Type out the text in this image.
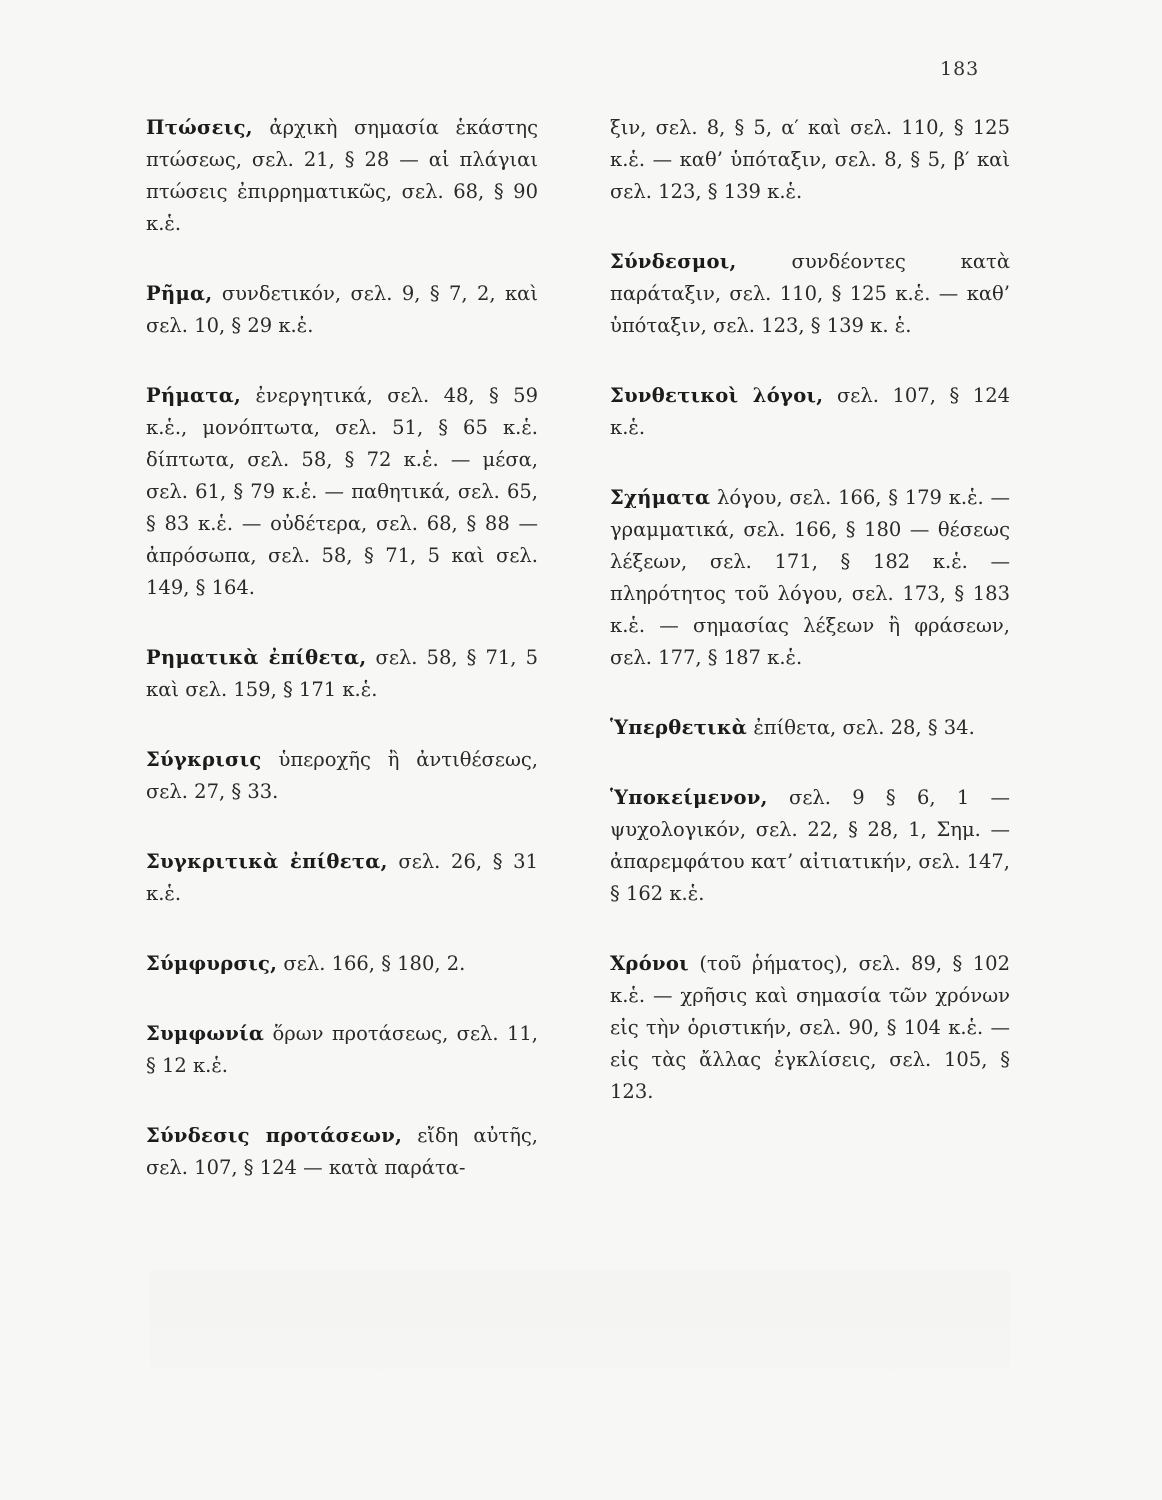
183

Πτώσεις, ἀρχικὴ σημασία ἑκάστης πτώσεως, σελ. 21, § 28 — αἱ πλάγιαι πτώσεις ἐπιρρηματικῶς, σελ. 68, § 90 κ.ἑ.

Ρῆμα, συνδετικόν, σελ. 9, § 7, 2, καὶ σελ. 10, § 29 κ.ἑ.

Ρήματα, ἐνεργητικά, σελ. 48, § 59 κ.ἑ., μονόπτωτα, σελ. 51, § 65 κ.ἑ. δίπτωτα, σελ. 58, § 72 κ.ἑ. — μέσα, σελ. 61, § 79 κ.ἑ. — παθητικά, σελ. 65, § 83 κ.ἑ. — οὐδέτερα, σελ. 68, § 88 — ἀπρόσωπα, σελ. 58, § 71, 5 καὶ σελ. 149, § 164.

Ρηματικὰ ἐπίθετα, σελ. 58, § 71, 5 καὶ σελ. 159, § 171 κ.ἑ.

Σύγκρισις ὑπεροχῆς ἢ ἀντιθέσεως, σελ. 27, § 33.

Συγκριτικὰ ἐπίθετα, σελ. 26, § 31 κ.ἑ.

Σύμφυρσις, σελ. 166, § 180, 2.

Συμφωνία ὅρων προτάσεως, σελ. 11, § 12 κ.ἑ.

Σύνδεσις προτάσεων, εἴδη αὐτῆς, σελ. 107, § 124 — κατὰ παράτα-

ξιν, σελ. 8, § 5, α′ καὶ σελ. 110, § 125 κ.ἑ. — καθ’ ὑπόταξιν, σελ. 8, § 5, β′ καὶ σελ. 123, § 139 κ.ἑ.

Σύνδεσμοι, συνδέοντες κατὰ παράταξιν, σελ. 110, § 125 κ.ἑ. — καθ’ ὑπόταξιν, σελ. 123, § 139 κ. ἑ.

Συνθετικοὶ λόγοι, σελ. 107, § 124 κ.ἑ.

Σχήματα λόγου, σελ. 166, § 179 κ.ἑ. — γραμματικά, σελ. 166, § 180 — θέσεως λέξεων, σελ. 171, § 182 κ.ἑ. — πληρότητος τοῦ λόγου, σελ. 173, § 183 κ.ἑ. — σημασίας λέξεων ἢ φράσεων, σελ. 177, § 187 κ.ἑ.

Ὑπερθετικὰ ἐπίθετα, σελ. 28, § 34.

Ὑποκείμενον, σελ. 9 § 6, 1 — ψυχολογικόν, σελ. 22, § 28, 1, Σημ. — ἀπαρεμφάτου κατ’ αἰτιατικήν, σελ. 147, § 162 κ.ἑ.

Χρόνοι (τοῦ ῥήματος), σελ. 89, § 102 κ.ἑ. — χρῆσις καὶ σημασία τῶν χρόνων εἰς τὴν ὁριστικήν, σελ. 90, § 104 κ.ἑ. — εἰς τὰς ἄλλας ἐγκλίσεις, σελ. 105, § 123.
